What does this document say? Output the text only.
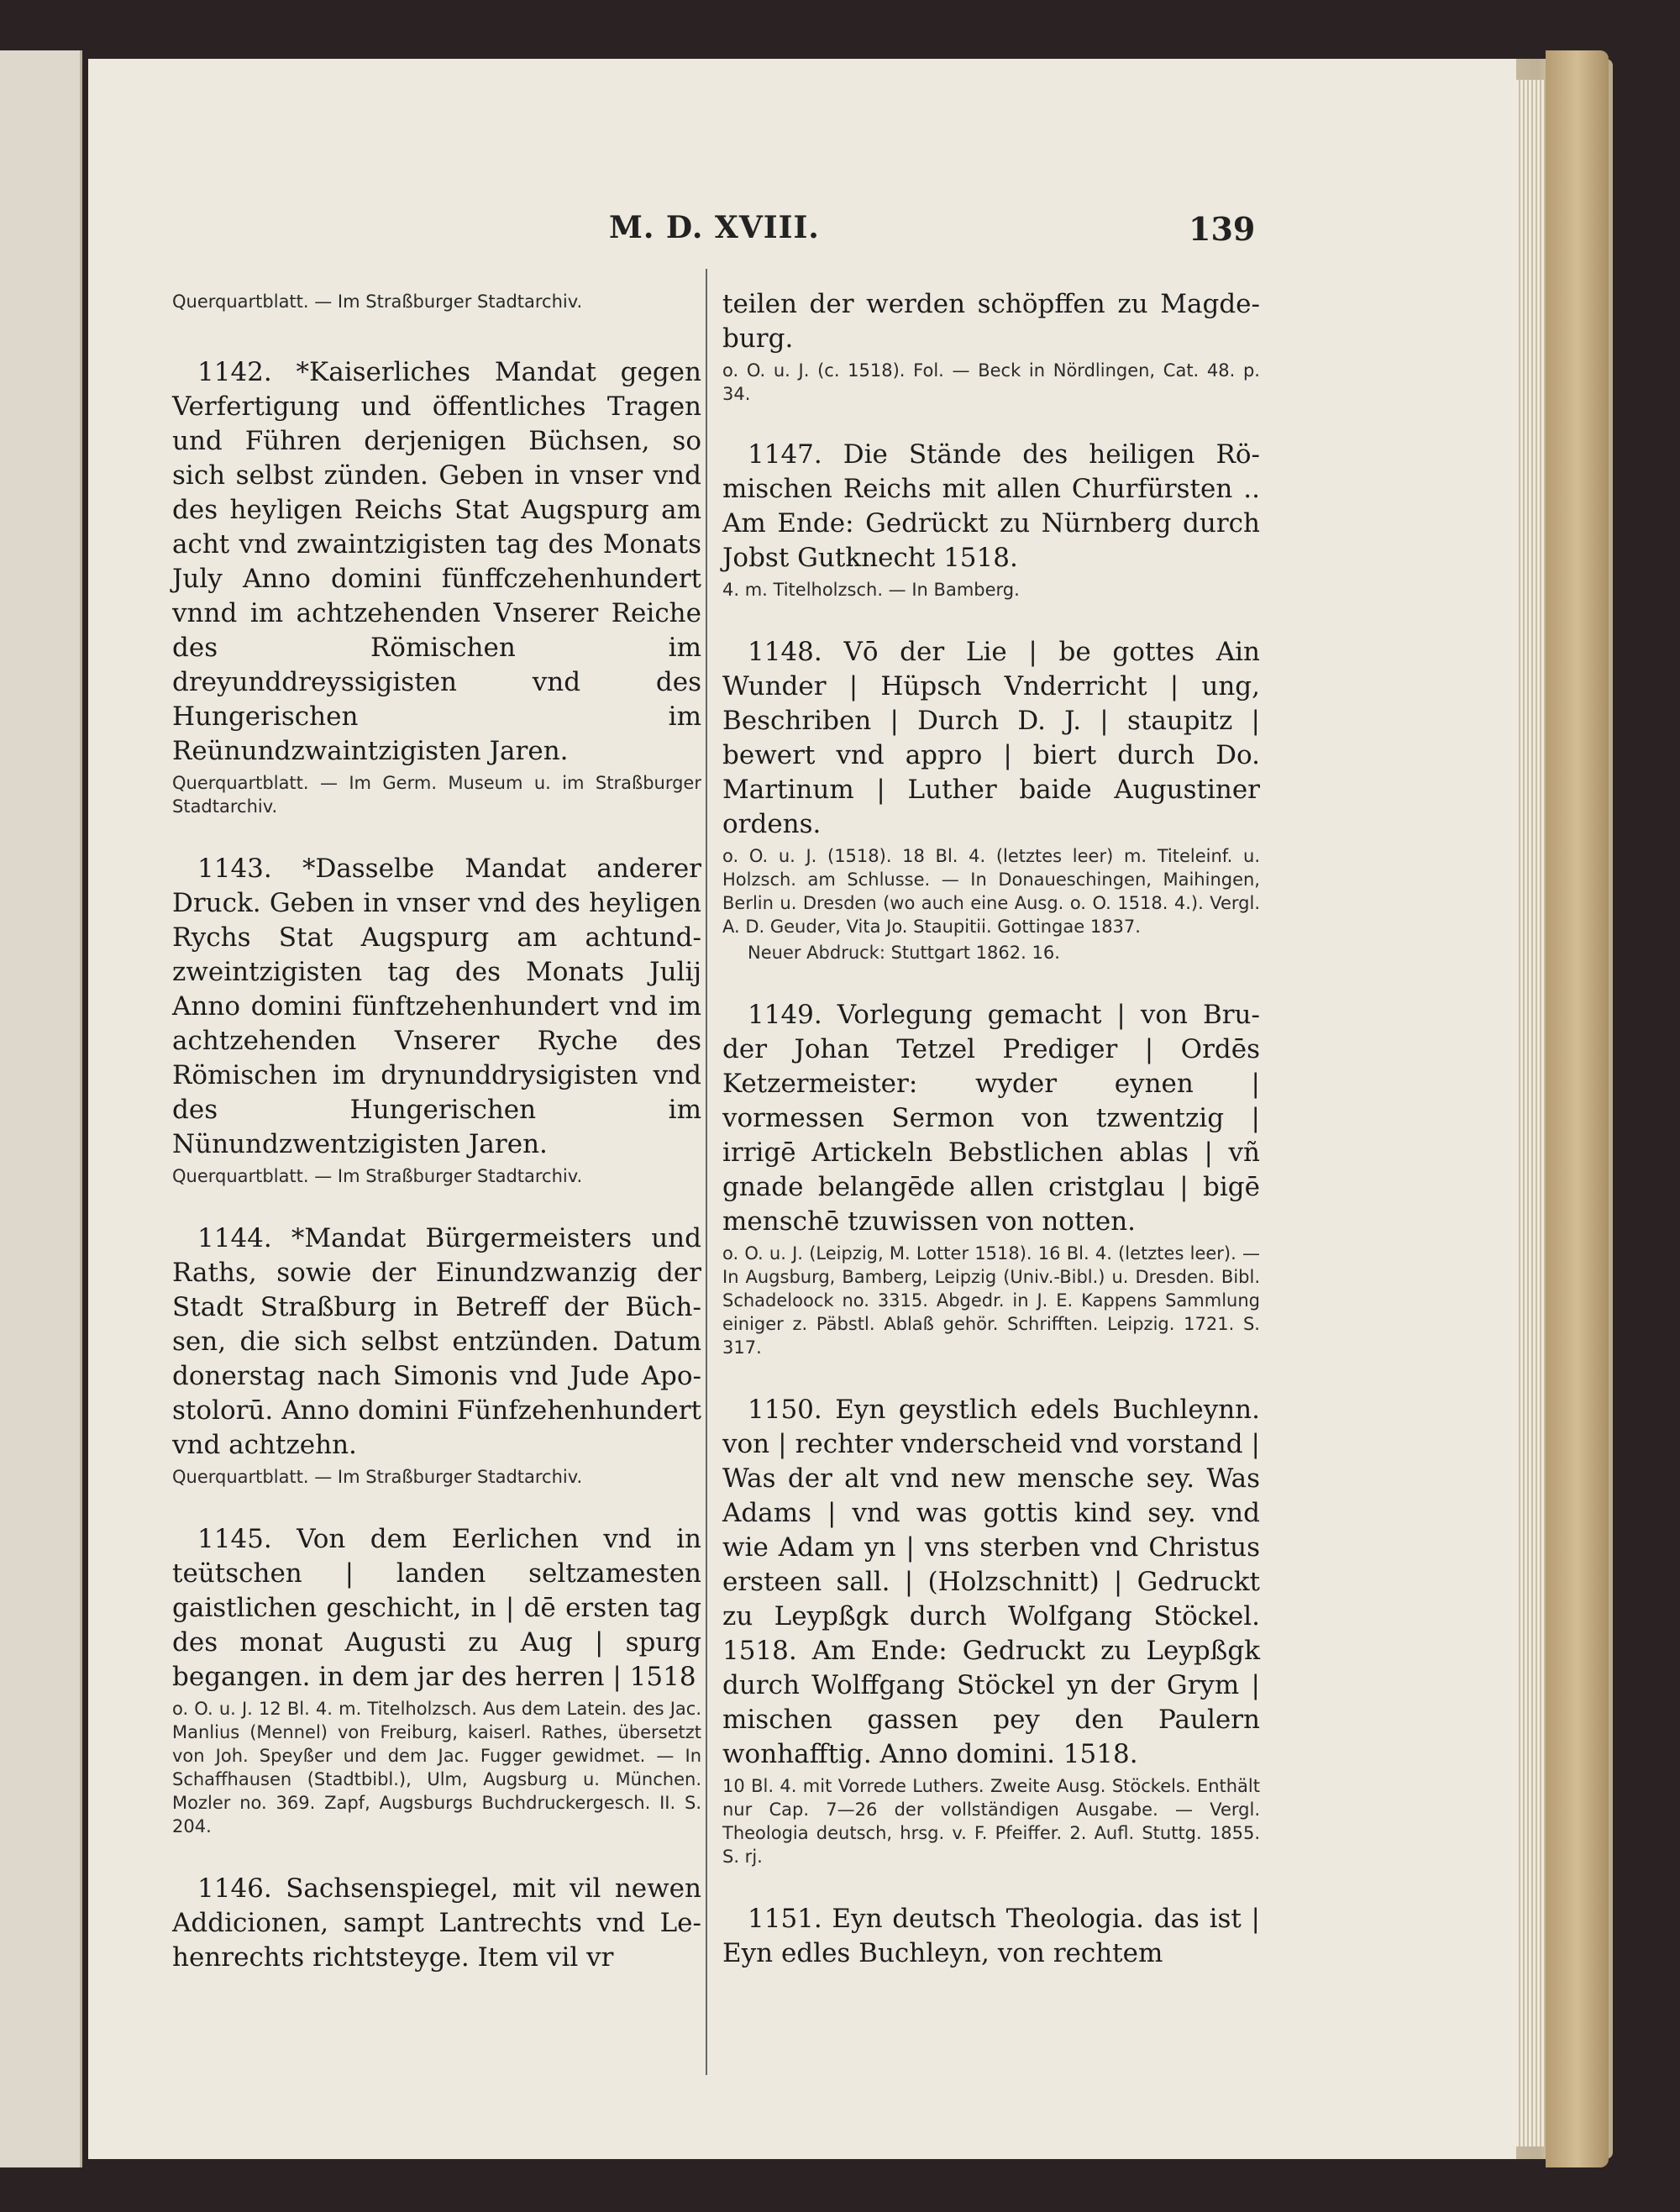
M. D. XVIII.	139

Querquartblatt. — Im Straßburger Stadtarchiv.

1142. *Kaiserliches Mandat gegen Verfertigung und öffentliches Tragen und Führen derjenigen Büchsen, so sich selbst zünden. Geben in vnser vnd des heyligen Reichs Stat Augspurg am acht vnd zwaintzigisten tag des Monats July Anno domini fünffczehenhundert vnnd im achtzehenden Vnserer Reiche des Römischen im dreyunddreyssigisten vnd des Hungerischen im Reünundzwaintzigisten Jaren.

Querquartblatt. — Im Germ. Museum u. im Straßburger Stadtarchiv.

1143. *Dasselbe Mandat anderer Druck. Geben in vnser vnd des heyligen Rychs Stat Augspurg am achtundzweintzigisten tag des Monats Julij Anno domini fünftzehenhundert vnd im achtzehenden Vnserer Ryche des Römischen im drynunddrysigisten vnd des Hungerischen im Nünundzwentzigisten Jaren.

Querquartblatt. — Im Straßburger Stadtarchiv.

1144. *Mandat Bürgermeisters und Raths, sowie der Einundzwanzig der Stadt Straßburg in Betreff der Büchsen, die sich selbst entzünden. Datum donerstag nach Simonis vnd Jude Apostolorū. Anno domini Fünfzehenhundert vnd achtzehn.

Querquartblatt. — Im Straßburger Stadtarchiv.

1145. Von dem Eerlichen vnd in teütschen | landen seltzamesten gaistlichen geschicht, in | dē ersten tag des monat Augusti zu Aug | spurg begangen. in dem jar des herren | 1518

o. O. u. J. 12 Bl. 4. m. Titelholzsch. Aus dem Latein. des Jac. Manlius (Mennel) von Freiburg, kaiserl. Rathes, übersetzt von Joh. Speyßer und dem Jac. Fugger gewidmet. — In Schaffhausen (Stadtbibl.), Ulm, Augsburg u. München. Mozler no. 369. Zapf, Augsburgs Buchdruckergesch. II. S. 204.

1146. Sachsenspiegel, mit vil newen Addicionen, sampt Lantrechts vnd Lehenrechts richtsteyge. Item vil vr

teilen der werden schöpffen zu Magdeburg.

o. O. u. J. (c. 1518). Fol. — Beck in Nördlingen, Cat. 48. p. 34.

1147. Die Stände des heiligen Römischen Reichs mit allen Churfürsten .. Am Ende: Gedrückt zu Nürnberg durch Jobst Gutknecht 1518.

4. m. Titelholzsch. — In Bamberg.

1148. Vō der Lie | be gottes Ain Wunder | Hüpsch Vnderricht | ung, Beschriben | Durch D. J. | staupitz | bewert vnd appro | biert durch Do. Martinum | Luther baide Augustiner ordens.

o. O. u. J. (1518). 18 Bl. 4. (letztes leer) m. Titeleinf. u. Holzsch. am Schlusse. — In Donaueschingen, Maihingen, Berlin u. Dresden (wo auch eine Ausg. o. O. 1518. 4.). Vergl. A. D. Geuder, Vita Jo. Staupitii. Gottingae 1837.

Neuer Abdruck: Stuttgart 1862. 16.

1149. Vorlegung gemacht | von Bruder Johan Tetzel Prediger | Ordēs Ketzermeister: wyder eynen | vormessen Sermon von tzwentzig | irrigē Artickeln Bebstlichen ablas | vñ gnade belangēde allen cristglau | bigē menschē tzuwissen von notten.

o. O. u. J. (Leipzig, M. Lotter 1518). 16 Bl. 4. (letztes leer). — In Augsburg, Bamberg, Leipzig (Univ.-Bibl.) u. Dresden. Bibl. Schadeloock no. 3315. Abgedr. in J. E. Kappens Sammlung einiger z. Päbstl. Ablaß gehör. Schrifften. Leipzig. 1721. S. 317.

1150. Eyn geystlich edels Buchleynn. von | rechter vnderscheid vnd vorstand | Was der alt vnd new mensche sey. Was Adams | vnd was gottis kind sey. vnd wie Adam yn | vns sterben vnd Christus ersteen sall. | (Holzschnitt) | Gedruckt zu Leypßgk durch Wolfgang Stöckel. 1518. Am Ende: Gedruckt zu Leypßgk durch Wolffgang Stöckel yn der Grym | mischen gassen pey den Paulern wonhafftig. Anno domini. 1518.

10 Bl. 4. mit Vorrede Luthers. Zweite Ausg. Stöckels. Enthält nur Cap. 7—26 der vollständigen Ausgabe. — Vergl. Theologia deutsch, hrsg. v. F. Pfeiffer. 2. Aufl. Stuttg. 1855. S. rj.

1151. Eyn deutsch Theologia. das ist | Eyn edles Buchleyn, von rechtem
